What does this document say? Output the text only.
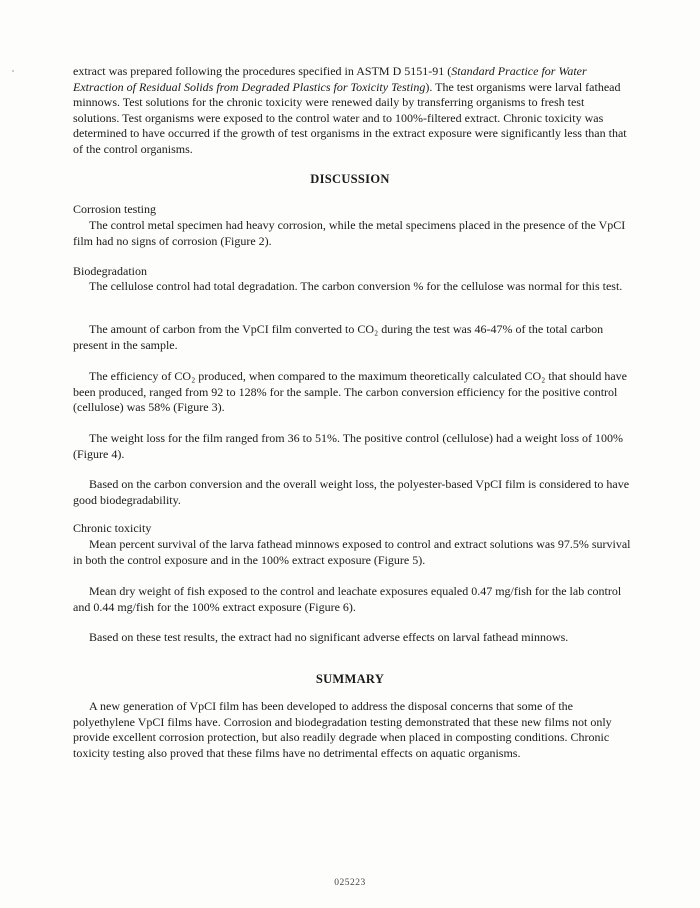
extract was prepared following the procedures specified in ASTM D 5151-91 (Standard Practice for Water Extraction of Residual Solids from Degraded Plastics for Toxicity Testing). The test organisms were larval fathead minnows. Test solutions for the chronic toxicity were renewed daily by transferring organisms to fresh test solutions. Test organisms were exposed to the control water and to 100%-filtered extract. Chronic toxicity was determined to have occurred if the growth of test organisms in the extract exposure were significantly less than that of the control organisms.

DISCUSSION

Corrosion testing

The control metal specimen had heavy corrosion, while the metal specimens placed in the presence of the VpCI film had no signs of corrosion (Figure 2).

Biodegradation

The cellulose control had total degradation. The carbon conversion % for the cellulose was normal for this test.

The amount of carbon from the VpCI film converted to CO₂ during the test was 46-47% of the total carbon present in the sample.

The efficiency of CO₂ produced, when compared to the maximum theoretically calculated CO₂ that should have been produced, ranged from 92 to 128% for the sample. The carbon conversion efficiency for the positive control (cellulose) was 58% (Figure 3).

The weight loss for the film ranged from 36 to 51%. The positive control (cellulose) had a weight loss of 100% (Figure 4).

Based on the carbon conversion and the overall weight loss, the polyester-based VpCI film is considered to have good biodegradability.

Chronic toxicity

Mean percent survival of the larva fathead minnows exposed to control and extract solutions was 97.5% survival in both the control exposure and in the 100% extract exposure (Figure 5).

Mean dry weight of fish exposed to the control and leachate exposures equaled 0.47 mg/fish for the lab control and 0.44 mg/fish for the 100% extract exposure (Figure 6).

Based on these test results, the extract had no significant adverse effects on larval fathead minnows.

SUMMARY

A new generation of VpCI film has been developed to address the disposal concerns that some of the polyethylene VpCI films have. Corrosion and biodegradation testing demonstrated that these new films not only provide excellent corrosion protection, but also readily degrade when placed in composting conditions. Chronic toxicity testing also proved that these films have no detrimental effects on aquatic organisms.

025223
